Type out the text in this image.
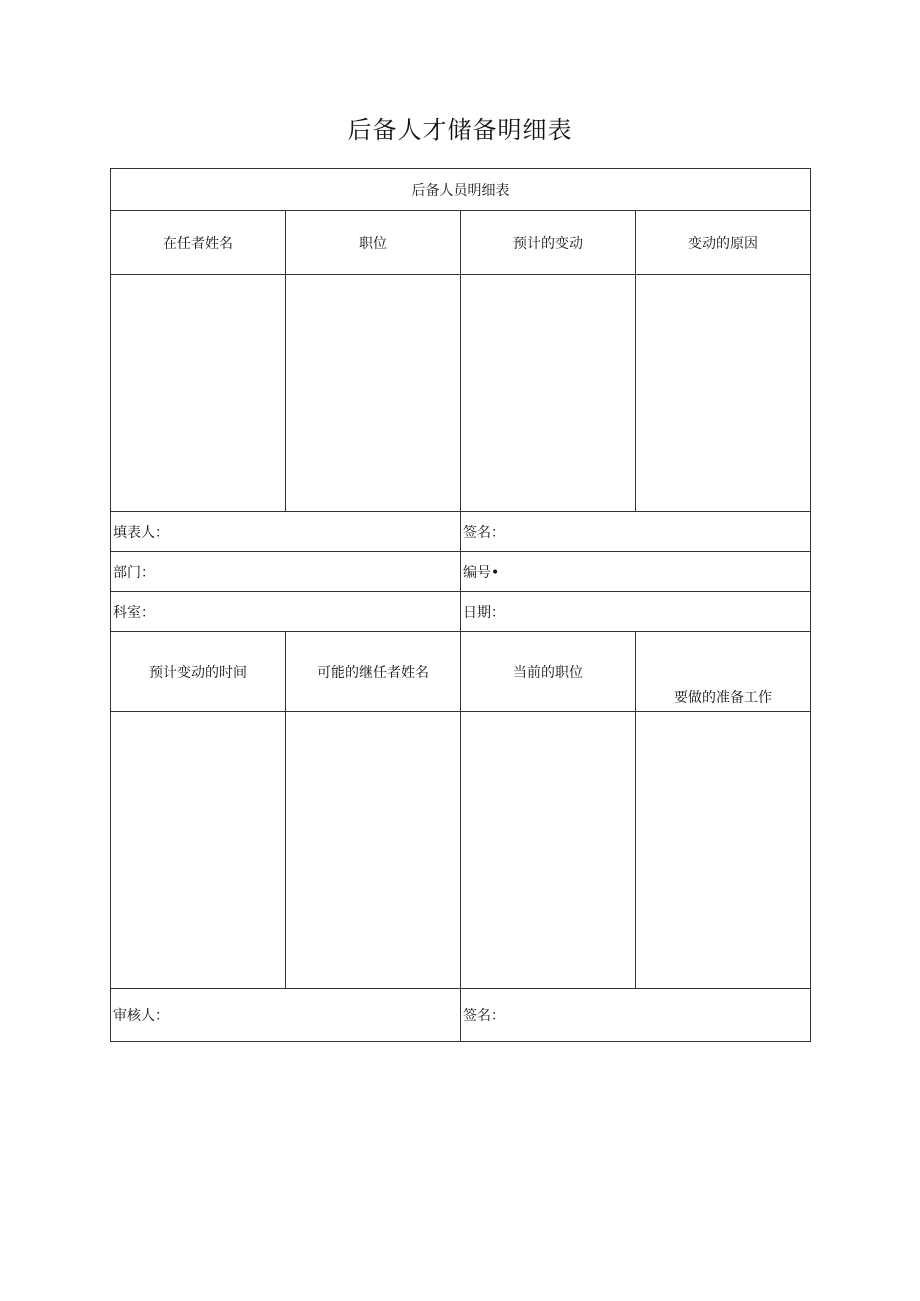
后备人才储备明细表
后备人员明细表			
在任者姓名	职位	预计的变动	变动的原因

填表人：		签名：	
部门：		编号•	
科室：		日期：	
预计变动的时间	可能的继任者姓名	当前的职位	要做的准备工作

审核人：		签名：	
